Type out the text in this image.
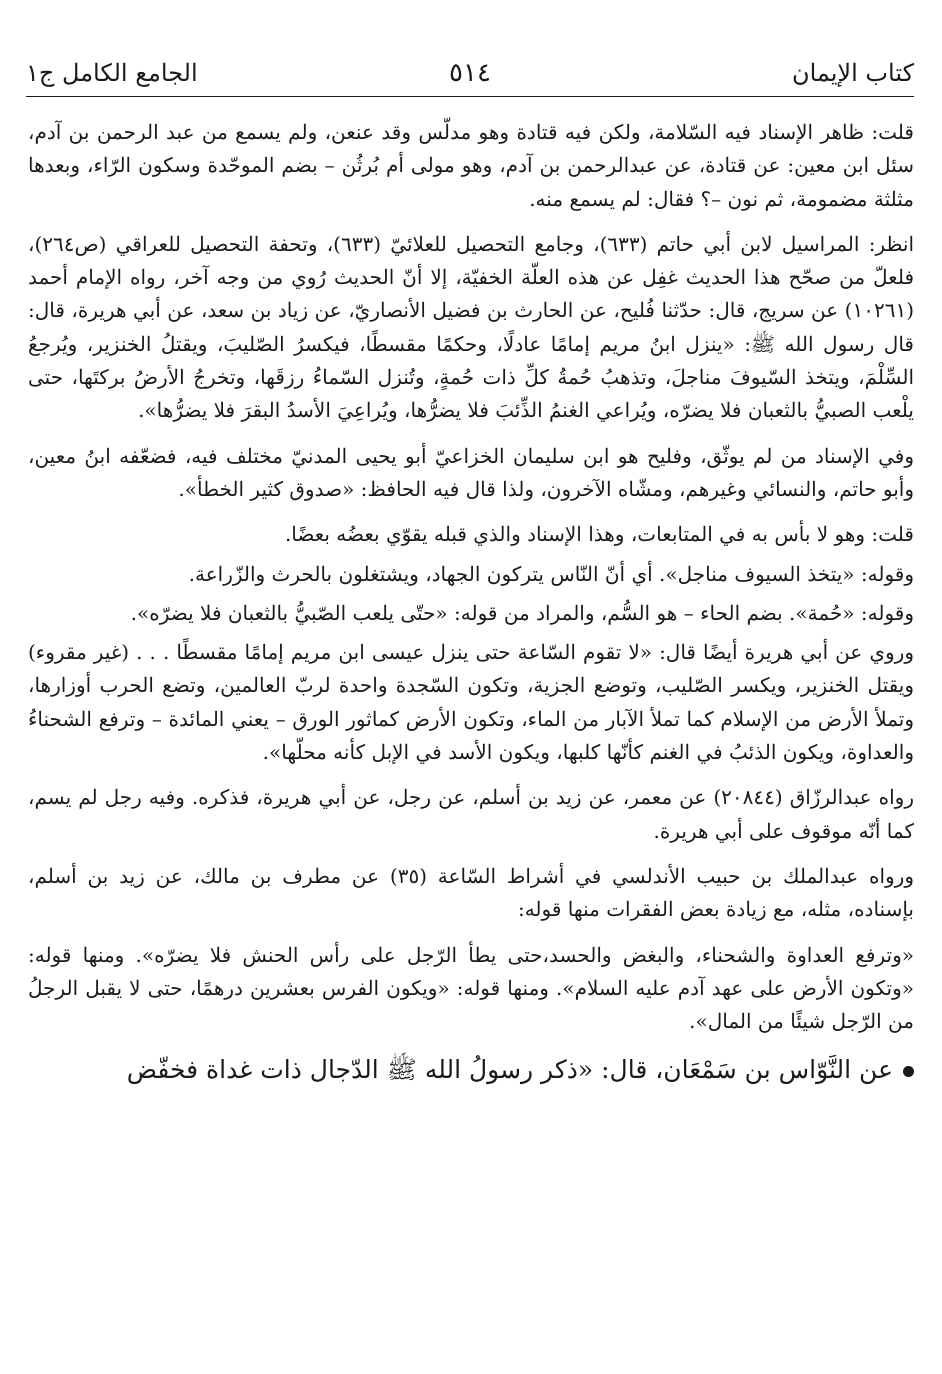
كتاب الإيمان
٥١٤
الجامع الكامل ج١

قلت: ظاهر الإسناد فيه السّلامة، ولكن فيه قتادة وهو مدلّس وقد عنعن، ولم يسمع من عبد الرحمن بن آدم، سئل ابن معين: عن قتادة، عن عبدالرحمن بن آدم، وهو مولى أم بُرثُن – بضم الموحّدة وسكون الرّاء، وبعدها مثلثة مضمومة، ثم نون –؟ فقال: لم يسمع منه.

انظر: المراسيل لابن أبي حاتم (٦٣٣)، وجامع التحصيل للعلائيّ (٦٣٣)، وتحفة التحصيل للعراقي (ص٢٦٤)، فلعلّ من صحّح هذا الحديث غفِل عن هذه العلّة الخفيّة، إلا أنّ الحديث رُوي من وجه آخر، رواه الإمام أحمد (١٠٢٦١) عن سريج، قال: حدّثنا فُليح، عن الحارث بن فضيل الأنصاريّ، عن زياد بن سعد، عن أبي هريرة، قال: قال رسول الله ﷺ: «ينزل ابنُ مريم إمامًا عادلًا، وحكمًا مقسطًا، فيكسرُ الصّليبَ، ويقتلُ الخنزير، ويُرجعُ السِّلْمَ، ويتخذ السّيوفَ مناجلَ، وتذهبُ حُمةُ كلِّ ذات حُمةٍ، وتُنزل السّماءُ رزقَها، وتخرجُ الأرضُ بركتَها، حتى يلْعب الصبيُّ بالثعبان فلا يضرّه، ويُراعي الغنمُ الذِّئبَ فلا يضرُّها، ويُراعِيَ الأسدُ البقرَ فلا يضرُّها».

وفي الإسناد من لم يوثّق، وفليح هو ابن سليمان الخزاعيّ أبو يحيى المدنيّ مختلف فيه، فضعّفه ابنُ معين، وأبو حاتم، والنسائي وغيرهم، ومشّاه الآخرون، ولذا قال فيه الحافظ: «صدوق كثير الخطأ».

قلت: وهو لا بأس به في المتابعات، وهذا الإسناد والذي قبله يقوّي بعضُه بعضًا.

وقوله: «يتخذ السيوف مناجل». أي أنّ النّاس يتركون الجهاد، ويشتغلون بالحرث والزّراعة.

وقوله: «حُمة». بضم الحاء – هو السُّم، والمراد من قوله: «حتّى يلعب الصّبيُّ بالثعبان فلا يضرّه».

وروي عن أبي هريرة أيضًا قال: «لا تقوم السّاعة حتى ينزل عيسى ابن مريم إمامًا مقسطًا . . . (غير مقروء) ويقتل الخنزير، ويكسر الصّليب، وتوضع الجزية، وتكون السّجدة واحدة لربّ العالمين، وتضع الحرب أوزارها، وتملأ الأرض من الإسلام كما تملأ الآبار من الماء، وتكون الأرض كماثور الورق – يعني المائدة – وترفع الشحناءُ والعداوة، ويكون الذئبُ في الغنم كأنّها كلبها، ويكون الأسد في الإبل كأنه محلّها».

رواه عبدالرزّاق (٢٠٨٤٤) عن معمر، عن زيد بن أسلم، عن رجل، عن أبي هريرة، فذكره. وفيه رجل لم يسم، كما أنّه موقوف على أبي هريرة.

ورواه عبدالملك بن حبيب الأندلسي في أشراط السّاعة (٣٥) عن مطرف بن مالك، عن زيد بن أسلم، بإسناده، مثله، مع زيادة بعض الفقرات منها قوله:

«وترفع العداوة والشحناء، والبغض والحسد،حتى يطأ الرّجل على رأس الحنش فلا يضرّه». ومنها قوله: «وتكون الأرض على عهد آدم عليه السلام». ومنها قوله: «ويكون الفرس بعشرين درهمًا، حتى لا يقبل الرجلُ من الرّجل شيئًا من المال».

عن النَّوّاس بن سَمْعَان، قال: «ذكر رسولُ الله ﷺ الدّجال ذات غداة فخفّض
